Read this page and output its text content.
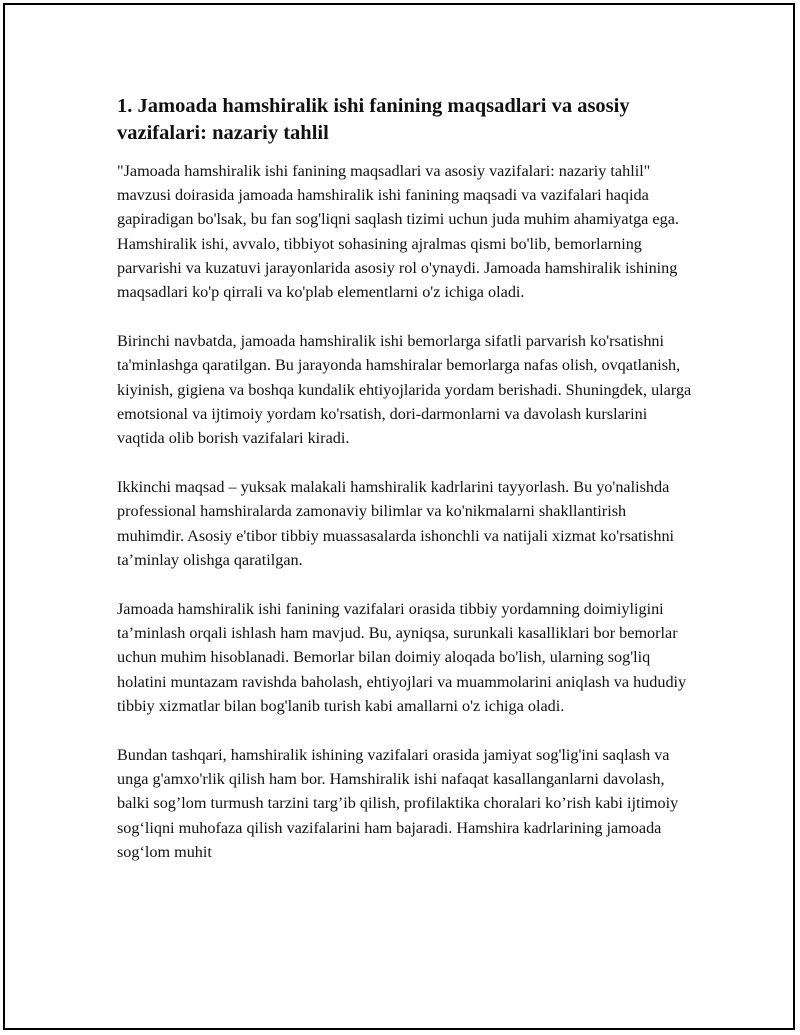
1. Jamoada hamshiralik ishi fanining maqsadlari va asosiy vazifalari: nazariy tahlil

"Jamoada hamshiralik ishi fanining maqsadlari va asosiy vazifalari: nazariy tahlil" mavzusi doirasida jamoada hamshiralik ishi fanining maqsadi va vazifalari haqida gapiradigan bo'lsak, bu fan sog'liqni saqlash tizimi uchun juda muhim ahamiyatga ega. Hamshiralik ishi, avvalo, tibbiyot sohasining ajralmas qismi bo'lib, bemorlarning parvarishi va kuzatuvi jarayonlarida asosiy rol o'ynaydi. Jamoada hamshiralik ishining maqsadlari ko'p qirrali va ko'plab elementlarni o'z ichiga oladi.

Birinchi navbatda, jamoada hamshiralik ishi bemorlarga sifatli parvarish ko'rsatishni ta'minlashga qaratilgan. Bu jarayonda hamshiralar bemorlarga nafas olish, ovqatlanish, kiyinish, gigiena va boshqa kundalik ehtiyojlarida yordam berishadi. Shuningdek, ularga emotsional va ijtimoiy yordam ko'rsatish, dori-darmonlarni va davolash kurslarini vaqtida olib borish vazifalari kiradi.

Ikkinchi maqsad – yuksak malakali hamshiralik kadrlarini tayyorlash. Bu yo'nalishda professional hamshiralarda zamonaviy bilimlar va ko'nikmalarni shakllantirish muhimdir. Asosiy e'tibor tibbiy muassasalarda ishonchli va natijali xizmat ko'rsatishni ta’minlay olishga qaratilgan.

Jamoada hamshiralik ishi fanining vazifalari orasida tibbiy yordamning doimiyligini ta’minlash orqali ishlash ham mavjud. Bu, ayniqsa, surunkali kasalliklari bor bemorlar uchun muhim hisoblanadi. Bemorlar bilan doimiy aloqada bo'lish, ularning sog'liq holatini muntazam ravishda baholash, ehtiyojlari va muammolarini aniqlash va hududiy tibbiy xizmatlar bilan bog'lanib turish kabi amallarni o'z ichiga oladi.

Bundan tashqari, hamshiralik ishining vazifalari orasida jamiyat sog'lig'ini saqlash va unga g'amxo'rlik qilish ham bor. Hamshiralik ishi nafaqat kasallanganlarni davolash, balki sog’lom turmush tarzini targ’ib qilish, profilaktika choralari ko’rish kabi ijtimoiy sog‘liqni muhofaza qilish vazifalarini ham bajaradi. Hamshira kadrlarining jamoada sog‘lom muhit
